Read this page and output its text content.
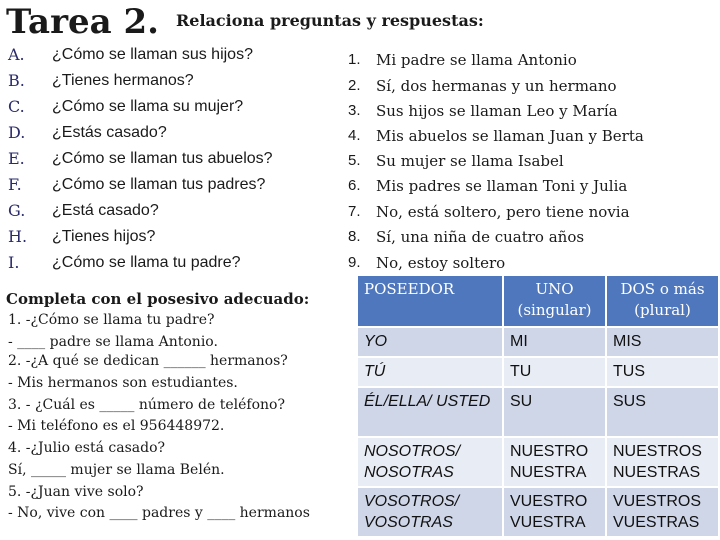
Tarea 2. Relaciona preguntas y respuestas:
A. ¿Cómo se llaman sus hijos?
B. ¿Tienes hermanos?
C. ¿Cómo se llama su mujer?
D. ¿Estás casado?
E. ¿Cómo se llaman tus abuelos?
F. ¿Cómo se llaman tus padres?
G. ¿Está casado?
H. ¿Tienes hijos?
I. ¿Cómo se llama tu padre?
1. Mi padre se llama Antonio
2. Sí, dos hermanas y un hermano
3. Sus hijos se llaman Leo y María
4. Mis abuelos se llaman Juan y Berta
5. Su mujer se llama Isabel
6. Mis padres se llaman Toni y Julia
7. No, está soltero, pero tiene novia
8. Sí, una niña de cuatro años
9. No, estoy soltero
Completa con el posesivo adecuado:
1. -¿Cómo se llama tu padre?
- ____ padre se llama Antonio.
2. -¿A qué se dedican ______ hermanos?
- Mis hermanos son estudiantes.
3. - ¿Cuál es _____ número de teléfono?
- Mi teléfono es el 956448972.
4. -¿Julio está casado?
Sí, _____ mujer se llama Belén.
5. -¿Juan vive solo?
- No, vive con ____ padres y ____ hermanos
POSEEDOR	UNO (singular)	DOS o más (plural)
YO	MI	MIS
TÚ	TU	TUS
ÉL/ELLA/ USTED	SU	SUS
NOSOTROS/ NOSOTRAS	NUESTRO NUESTRA	NUESTROS NUESTRAS
VOSOTROS/ VOSOTRAS	VUESTRO VUESTRA	VUESTROS VUESTRAS
